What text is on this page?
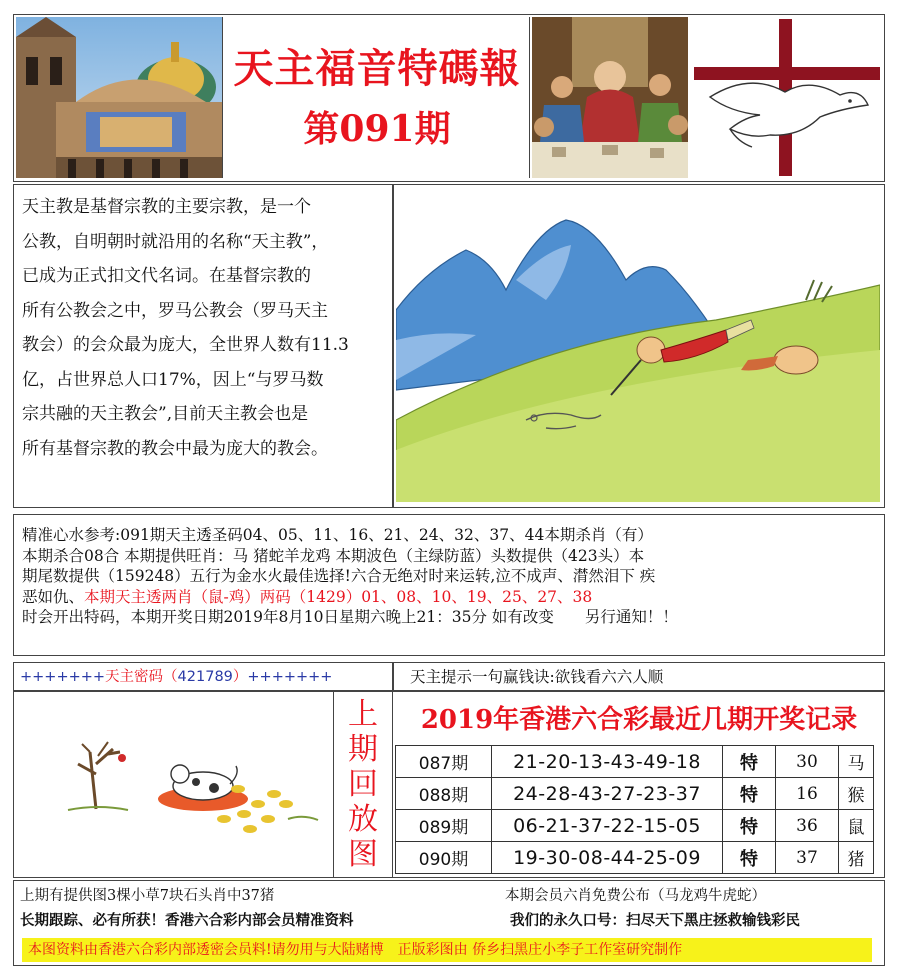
天主福音特碼報
第091期

天主教是基督宗教的主要宗教，是一个

公教，自明朝时就沿用的名称“天主教”，

已成为正式扣文代名词。在基督宗教的

所有公教会之中，罗马公教会（罗马天主

教会）的会众最为庞大，全世界人数有11.3

亿，占世界总人口17%，因上“与罗马数

宗共融的天主教会”,目前天主教会也是

所有基督宗教的教会中最为庞大的教会。

精准心水参考:091期天主透圣码04、05、11、16、21、24、32、37、44本期杀肖（有）
本期杀合08合 本期提供旺肖：马 猪蛇羊龙鸡 本期波色（主绿防蓝）头数提供（423头）本
期尾数提供（159248）五行为金水火最佳选择!六合无绝对时来运转,泣不成声、潸然泪下 疾
恶如仇、本期天主透两肖（鼠-鸡）两码（1429）01、08、10、19、25、27、38
时会开出特码，本期开奖日期2019年8月10日星期六晚上21：35分 如有改变　　另行通知！！
+++++++天主密码（421789）+++++++	天主提示一句赢钱诀:欲钱看六六人顺
上
期
回
放
图
2019年香港六合彩最近几期开奖记录
087期	21-20-13-43-49-18	特	30	马
088期	24-28-43-27-23-37	特	16	猴
089期	06-21-37-22-15-05	特	36	鼠
090期	19-30-08-44-25-09	特	37	猪
上期有提供图3棵小草7块石头肖中37猪	本期会员六肖免费公布（马龙鸡牛虎蛇）
长期跟踪、必有所获！香港六合彩内部会员精准资料	我们的永久口号：扫尽天下黑庄拯救输钱彩民
本图资料由香港六合彩内部透密会员料!请勿用与大陆赌博　正版彩图由 侨乡扫黑庄小李子工作室研究制作
